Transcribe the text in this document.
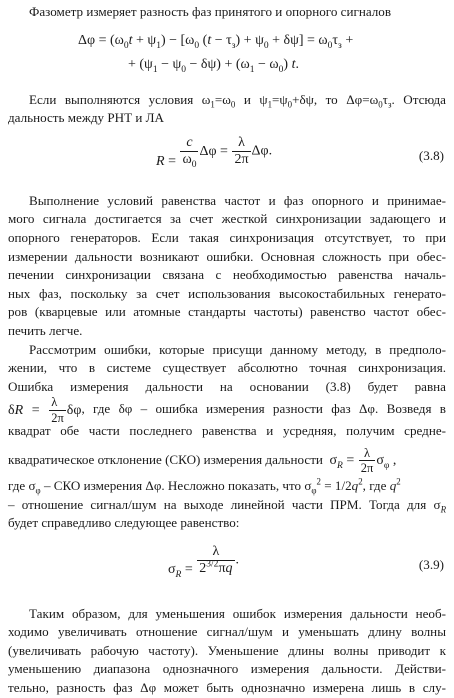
Фазометр измеряет разность фаз принятого и опорного сигналов
$\Delta\varphi = (\omega_0t + \psi_1) - [\omega_0$ $(t - \tau_з) + \psi_0 + \delta\psi] = \omega_0\tau_з$ +
+ $(\psi_1 - \psi_0 - \delta\psi) + (\omega_1 - \omega_0)$ t.
Если выполняются условия $\omega_1=\omega_0$ и $\psi_1=\psi_0+\delta\psi$, то $\Delta\varphi=\omega_0\tau_з$. Отсюда
дальность между РНТ и ЛА
$R = \frac{c}{\omega_0}$ $\Delta\varphi = \frac{\lambda}{2\pi} \Delta\varphi$.	(3.8)
Выполнение условий равенства частот и фаз опорного и принимае-
мого сигнала достигается за счет жесткой синхронизации задающего и
опорного генераторов. Если такая синхронизация отсутствует, то при
измерении дальности возникают ошибки. Основная сложность при обес-
печении синхронизации связана с необходимостью равенства началь-
ных фаз, поскольку за счет использования высокостабильных генерато-
ров (кварцевые или атомные стандарты частоты) равенство частот обес-
печить легче.
Рассмотрим ошибки, которые присущи данному методу, в предполо-
жении, что в системе существует абсолютно точная синхронизация.
Ошибка измерения дальности на основании (3.8) будет равна
$\delta R = \frac{\lambda}{2\pi} \delta\varphi$, где δφ – ошибка измерения разности фаз Δφ. Возведя в
квадрат обе части последнего равенства и усредняя, получим средне-
квадратическое отклонение (СКО) измерения дальности $\sigma_R = \frac{\lambda}{2\pi} \sigma_\varphi$ ,
где $\sigma_\varphi$ – СКО измерения Δφ. Несложно показать, что $\sigma_\varphi^2 = 1/2q^2$, где $q^2$
– отношение сигнал/шум на выходе линейной части ПРМ. Тогда для $\sigma_R$
будет справедливо следующее равенство:
$\sigma_R = \frac{\lambda}{2^{3/2}\pi q}$ .	(3.9)
Таким образом, для уменьшения ошибок измерения дальности необ-
ходимо увеличивать отношение сигнал/шум и уменьшать длину волны
(увеличивать рабочую частоту). Уменьшение длины волны приводит к
уменьшению диапазона однозначного измерения дальности. Действи-
тельно, разность фаз Δφ может быть однозначно измерена лишь в слу-
